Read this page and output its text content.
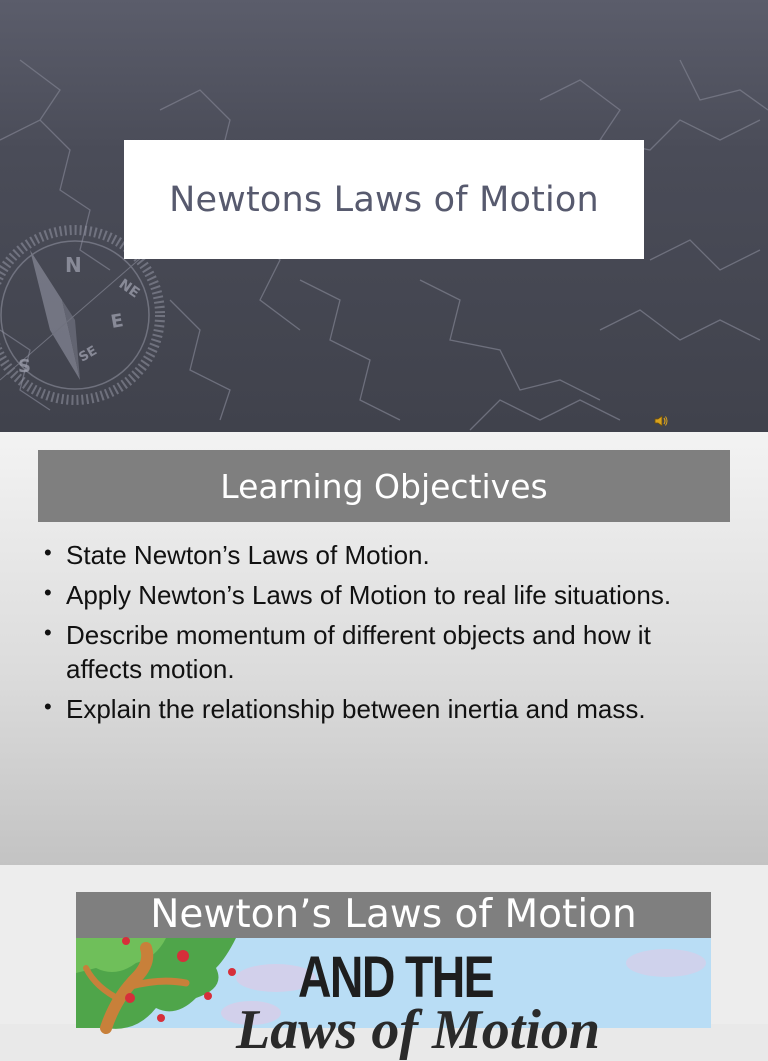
N
NE
E
S
SE
Newtons Laws of Motion
Learning Objectives
• State Newton’s Laws of Motion.
• Apply Newton’s Laws of Motion to real life situations.
• Describe momentum of different objects and how it affects motion.
• Explain the relationship between inertia and mass.
Newton’s Laws of Motion
AND THE
Laws of Motion
